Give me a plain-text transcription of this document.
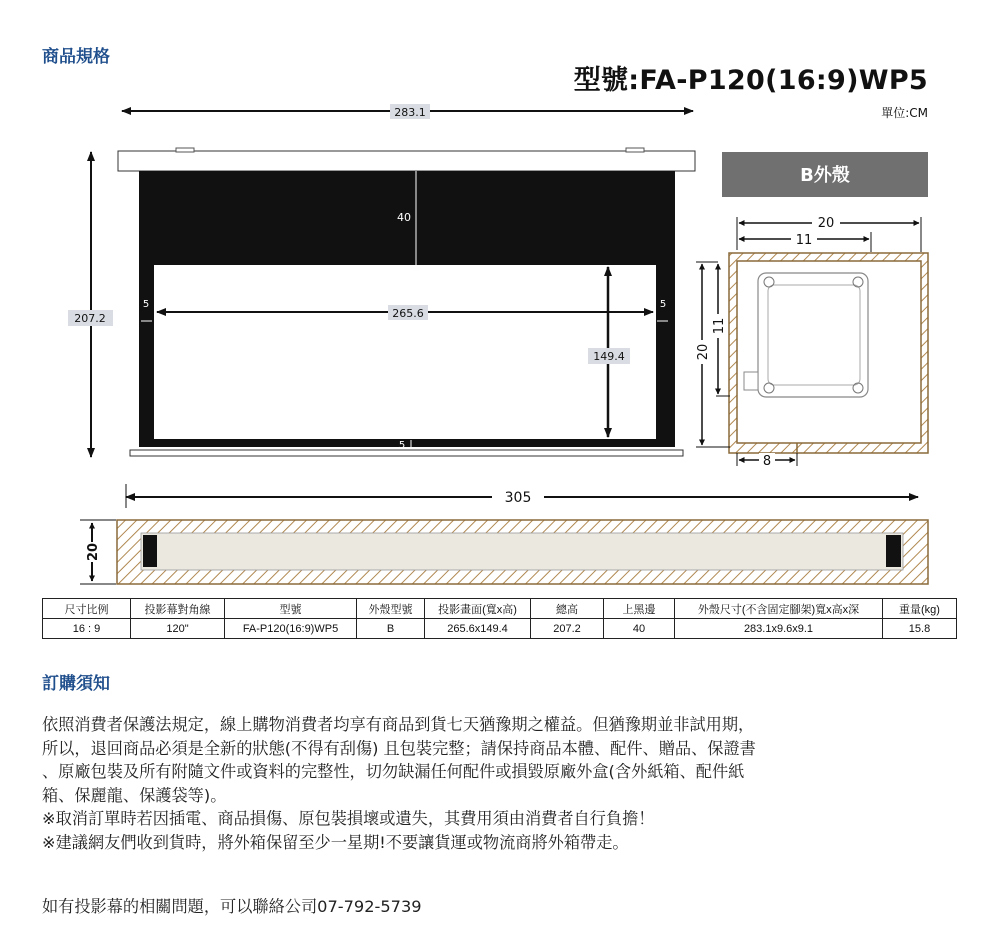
商品規格
型號:FA-P120(16:9)WP5
單位:CM
283.1
207.2
40
265.6
149.4
5	5
5
B外殼
20
11
20
11
8
305
20
尺寸比例	投影幕對角線	型號	外殼型號	投影畫面(寬x高)	總高	上黑邊	外殼尺寸(不含固定腳架)寬x高x深	重量(kg)
16 : 9	120"	FA-P120(16:9)WP5	B	265.6x149.4	207.2	40	283.1x9.6x9.1	15.8
訂購須知

依照消費者保護法規定，線上購物消費者均享有商品到貨七天猶豫期之權益。但猶豫期並非試用期，

所以，退回商品必須是全新的狀態(不得有刮傷) 且包裝完整；請保持商品本體、配件、贈品、保證書

、原廠包裝及所有附隨文件或資料的完整性，切勿缺漏任何配件或損毀原廠外盒(含外紙箱、配件紙

箱、保麗龍、保護袋等)。

※取消訂單時若因插電、商品損傷、原包裝損壞或遺失，其費用須由消費者自行負擔！

※建議網友們收到貨時，將外箱保留至少一星期!不要讓貨運或物流商將外箱帶走。

如有投影幕的相關問題，可以聯絡公司07-792-5739
